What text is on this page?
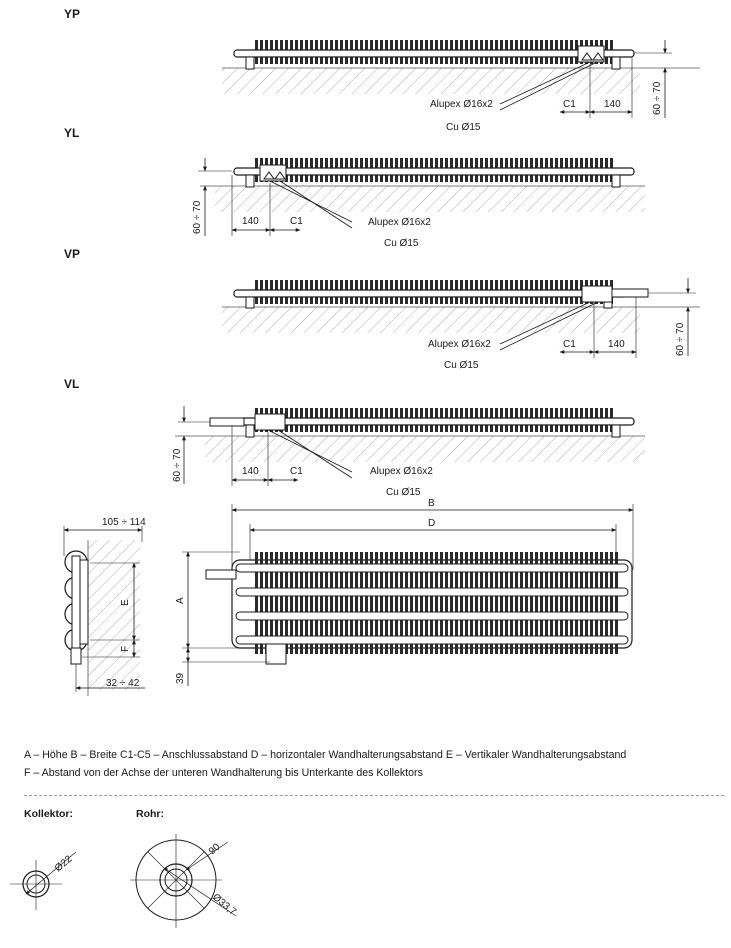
YP
Alupex Ø16x2
Cu Ø15
C1	140	60 ÷ 70
YL
Alupex Ø16x2
Cu Ø15
140	C1
60 ÷ 70
VP
Alupex Ø16x2
Cu Ø15
C1	140	60 ÷ 70
VL
Alupex Ø16x2
Cu Ø15
140	C1
60 ÷ 70
105 ÷ 114
E
F
32 ÷ 42
B
D
A
39
Ø22
90
Ø33,7
A – Höhe B – Breite C1-C5 – Anschlussabstand D – horizontaler Wandhalterungsabstand E – Vertikaler Wandhalterungsabstand
F – Abstand von der Achse der unteren Wandhalterung bis Unterkante des Kollektors
Kollektor:	Rohr:
